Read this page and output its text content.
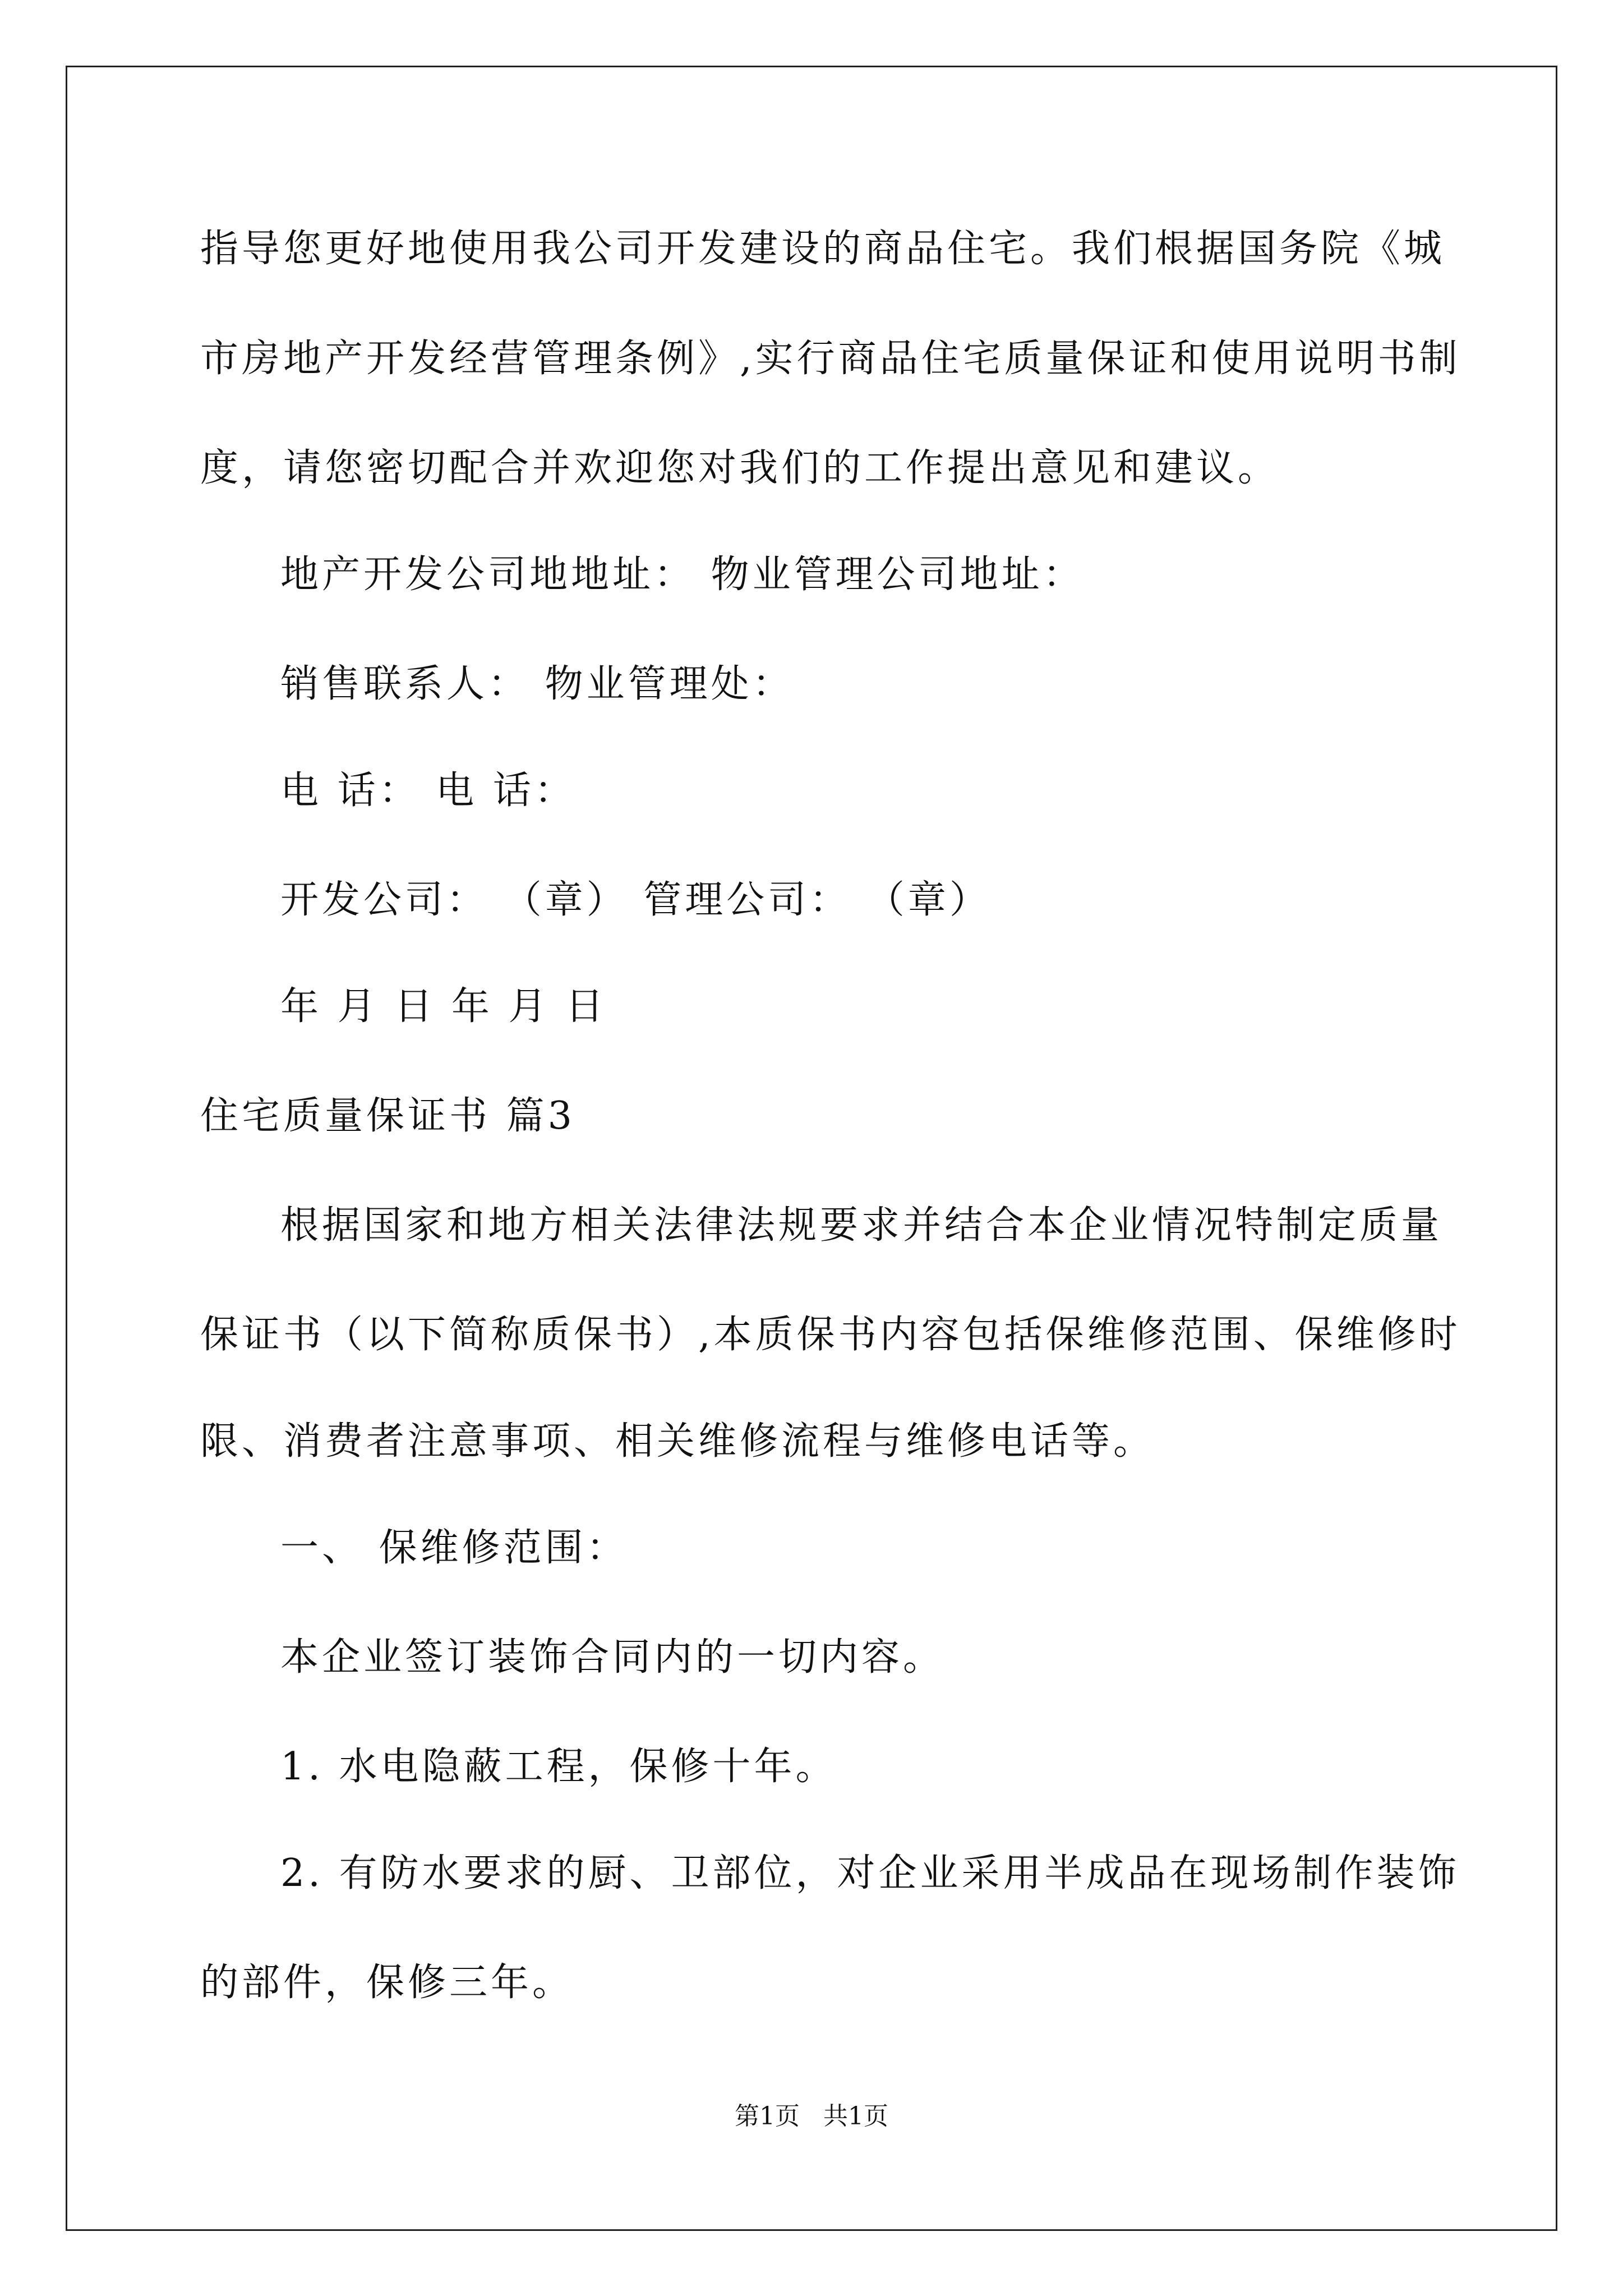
指导您更好地使用我公司开发建设的商品住宅。我们根据国务院《城
市房地产开发经营管理条例》,实行商品住宅质量保证和使用说明书制
度，请您密切配合并欢迎您对我们的工作提出意见和建议。
地产开发公司地地址： 物业管理公司地址：
销售联系人： 物业管理处：
电 话： 电 话：
开发公司： （章） 管理公司： （章）
年 月 日 年 月 日
住宅质量保证书 篇3
根据国家和地方相关法律法规要求并结合本企业情况特制定质量
保证书（以下简称质保书）,本质保书内容包括保维修范围、保维修时
限、消费者注意事项、相关维修流程与维修电话等。
一、 保维修范围：
本企业签订装饰合同内的一切内容。
1. 水电隐蔽工程，保修十年。
2. 有防水要求的厨、卫部位，对企业采用半成品在现场制作装饰
的部件，保修三年。
第1页   共1页
